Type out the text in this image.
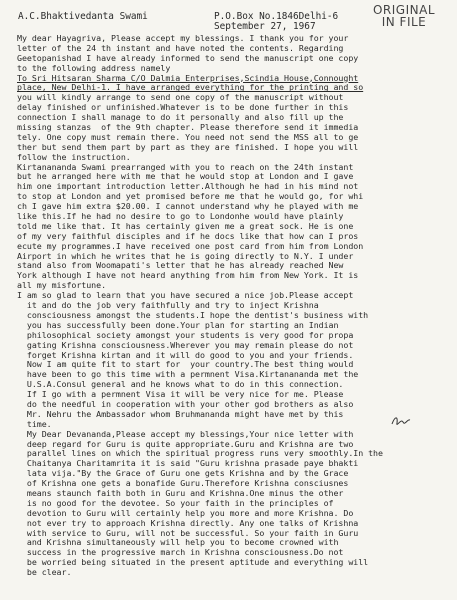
ORIGINAL
IN FILE
A.C.Bhaktivedanta Swami	P.O.Box No.1846Delhi-6
September 27, 1967
My dear Hayagriva, Please accept my blessings. I thank you for your
letter of the 24 th instant and have noted the contents. Regarding
Geetopanishad I have already informed to send the manuscript one copy
to the following address namely
To Sri Hitsaran Sharma C/O Dalmia Enterprises,Scindia House,Connought
place, New Delhi-1. I have arranged everything for the printing and so
you will kindly arrange to send one copy of the manuscript without
delay finished or unfinished.Whatever is to be done further in this
connection I shall manage to do it personally and also fill up the
missing stanzas  of the 9th chapter. Please therefore send it immedia
tely. One copy must remain there. You need not send the MSS all to ge
ther but send them part by part as they are finished. I hope you will
follow the instruction.
Kirtanananda Swami prearranged with you to reach on the 24th instant
but he arranged here with me that he would stop at London and I gave
him one important introduction letter.Although he had in his mind not
to stop at London and yet promised before me that he would go, for whi
ch I gave him extra $20.00. I cannot understand why he played with me
like this.If he had no desire to go to Londonhe would have plainly
told me like that. It has certainly given me a great sock. He is one
of my very faithful disciples and if he docs like that how can I pros
ecute my programmes.I have received one post card from him from London
Airport in which he writes that he is going directly to N.Y. I under
stand also from Woomapati's letter that he has already reached New
York although I have not heard anything from him from New York. It is
all my misfortune.
I am so glad to learn that you have secured a nice job.Please accept
it and do the job very faithfully and try to inject Krishna
consciousness amongst the students.I hope the dentist's business with
you has successfully been done.Your plan for starting an Indian
philosophical society amongst your students is very good for propa
gating Krishna consciousness.Wherever you may remain please do not
forget Krishna kirtan and it will do good to you and your friends.
Now I am quite fit to start for  your country.The best thing would
have been to go this time with a permnent Visa.Kirtanananda met the
U.S.A.Consul general and he knows what to do in this connection.
If I go with a permnent Visa it will be very nice for me. Please
do the needful in cooperation with your other god brothers as also
Mr. Nehru the Ambassador whom Bruhmananda might have met by this
time.
My Dear Devananda,Please accept my blessings,Your nice letter with
deep regard for Guru is quite appropriate.Guru and Krishna are two
parallel lines on which the spiritual progress runs very smoothly.In the
Chaitanya Charitamrita it is said "Guru krishna prasade paye bhakti
lata vija."By the Grace of Guru one gets Krishna and by the Grace
of Krishna one gets a bonafide Guru.Therefore Krishna consciusnes
means staunch faith both in Guru and Krishna.One minus the other
is no good for the devotee. So your faith in the principles of
devotion to Guru will certainly help you more and more Krishna. Do
not ever try to approach Krishna directly. Any one talks of Krishna
with service to Guru, will not be successful. So your faith in Guru
and Krishna simultaneously will help you to become crowned with
success in the progressive march in Krishna consciousness.Do not
be worried being situated in the present aptitude and everything will
be clear.
